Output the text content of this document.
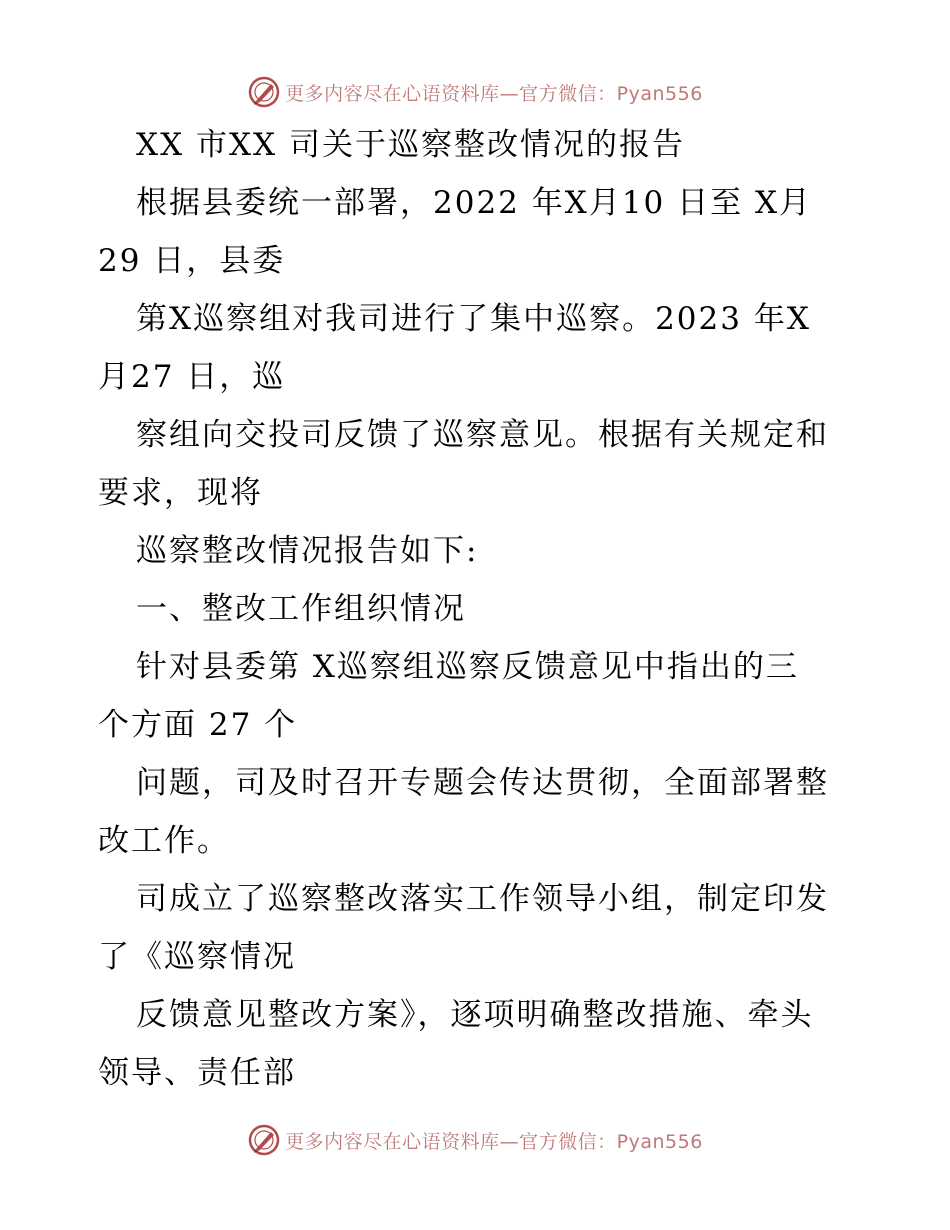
更多内容尽在心语资料库—官方微信：Pyan556
XX 市XX 司关于巡察整改情况的报告
根据县委统一部署，2022 年X月10 日至 X月
29 日，县委
第X巡察组对我司进行了集中巡察。2023 年X
月27 日，巡
察组向交投司反馈了巡察意见。根据有关规定和
要求，现将
巡察整改情况报告如下:
一、整改工作组织情况
针对县委第 X巡察组巡察反馈意见中指出的三
个方面 27 个
问题，司及时召开专题会传达贯彻，全面部署整
改工作。
司成立了巡察整改落实工作领导小组，制定印发
了《巡察情况
反馈意见整改方案》，逐项明确整改措施、牵头
领导、责任部
更多内容尽在心语资料库—官方微信：Pyan556
